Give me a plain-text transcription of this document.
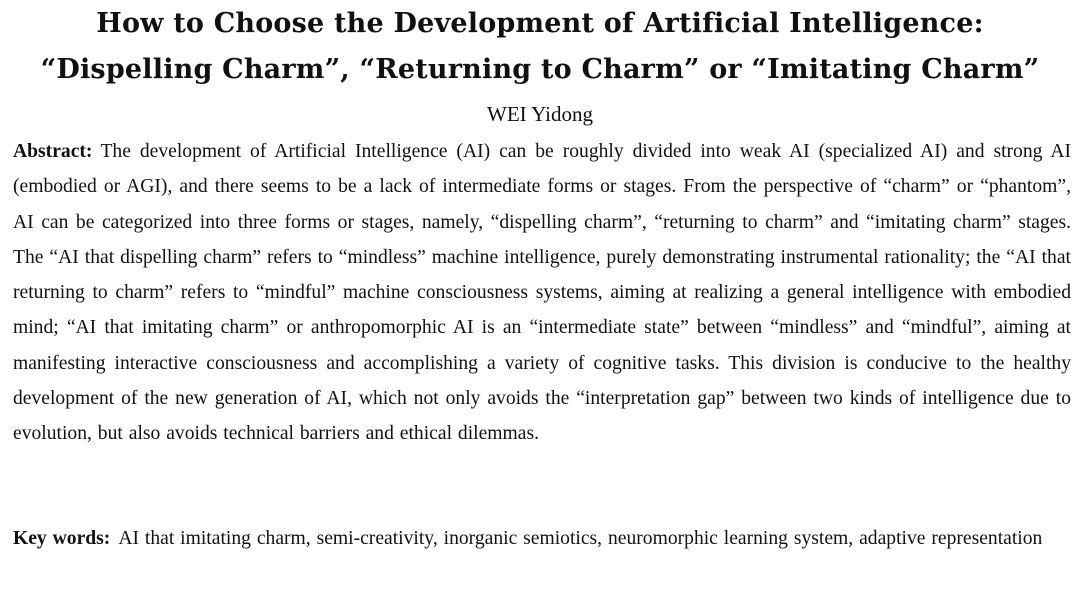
How to Choose the Development of Artificial Intelligence:
“Dispelling Charm”, “Returning to Charm” or “Imitating Charm”
WEI Yidong

Abstract: The development of Artificial Intelligence (AI) can be roughly divided into weak AI (specialized AI) and strong AI (embodied or AGI), and there seems to be a lack of intermediate forms or stages. From the perspective of “charm” or “phantom”, AI can be categorized into three forms or stages, namely, “dispelling charm”, “returning to charm” and “imitating charm” stages. The “AI that dispelling charm” refers to “mindless” machine intelligence, purely demonstrating instrumental rationality; the “AI that returning to charm” refers to “mindful” machine consciousness systems, aiming at realizing a general intelligence with embodied mind; “AI that imitating charm” or anthropomorphic AI is an “intermediate state” between “mindless” and “mindful”, aiming at manifesting interactive consciousness and accomplishing a variety of cognitive tasks. This division is conducive to the healthy development of the new generation of AI, which not only avoids the “interpretation gap” between two kinds of intelligence due to evolution, but also avoids technical barriers and ethical dilemmas.

Key words: AI that imitating charm, semi-creativity, inorganic semiotics, neuromorphic learning system, adaptive representation
